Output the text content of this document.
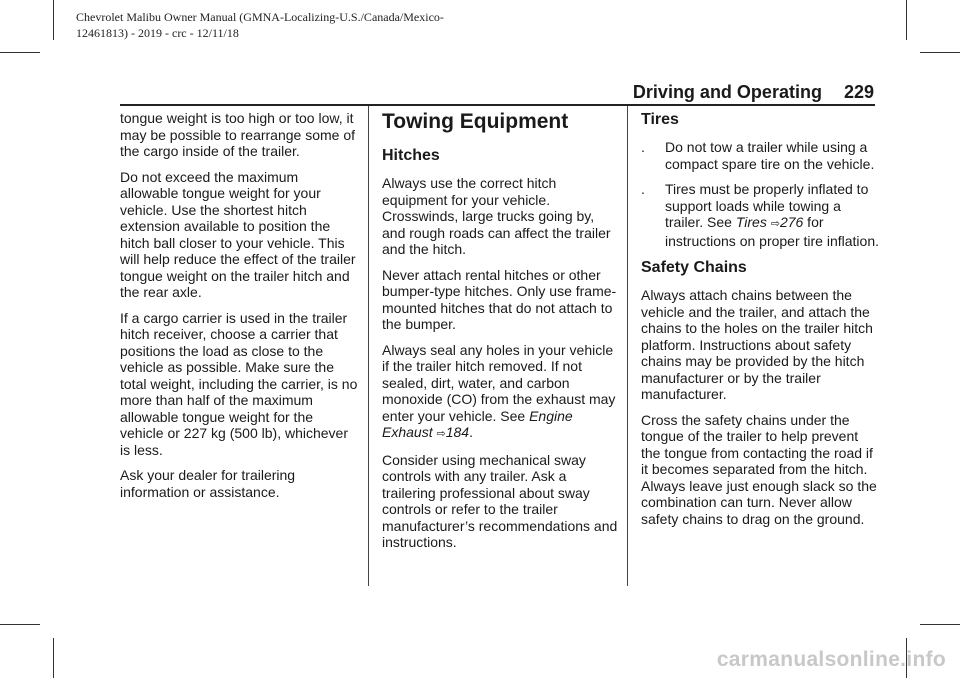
Chevrolet Malibu Owner Manual (GMNA-Localizing-U.S./Canada/Mexico-
12461813) - 2019 - crc - 12/11/18
Driving and Operating 229

tongue weight is too high or too low, it may be possible to rearrange some of the cargo inside of the trailer.

Do not exceed the maximum allowable tongue weight for your vehicle. Use the shortest hitch extension available to position the hitch ball closer to your vehicle. This will help reduce the effect of the trailer tongue weight on the trailer hitch and the rear axle.

If a cargo carrier is used in the trailer hitch receiver, choose a carrier that positions the load as close to the vehicle as possible. Make sure the total weight, including the carrier, is no more than half of the maximum allowable tongue weight for the vehicle or 227 kg (500 lb), whichever is less.

Ask your dealer for trailering information or assistance.

Towing Equipment
Hitches

Always use the correct hitch equipment for your vehicle. Crosswinds, large trucks going by, and rough roads can affect the trailer and the hitch.

Never attach rental hitches or other bumper-type hitches. Only use frame-mounted hitches that do not attach to the bumper.

Always seal any holes in your vehicle if the trailer hitch removed. If not sealed, dirt, water, and carbon monoxide (CO) from the exhaust may enter your vehicle. See Engine Exhaust ⇨184.

Consider using mechanical sway controls with any trailer. Ask a trailering professional about sway controls or refer to the trailer manufacturer’s recommendations and instructions.

Tires
. Do not tow a trailer while using a compact spare tire on the vehicle.
. Tires must be properly inflated to support loads while towing a trailer. See Tires ⇨276 for instructions on proper tire inflation.
Safety Chains

Always attach chains between the vehicle and the trailer, and attach the chains to the holes on the trailer hitch platform. Instructions about safety chains may be provided by the hitch manufacturer or by the trailer manufacturer.

Cross the safety chains under the tongue of the trailer to help prevent the tongue from contacting the road if it becomes separated from the hitch. Always leave just enough slack so the combination can turn. Never allow safety chains to drag on the ground.

carmanualsonline.info
